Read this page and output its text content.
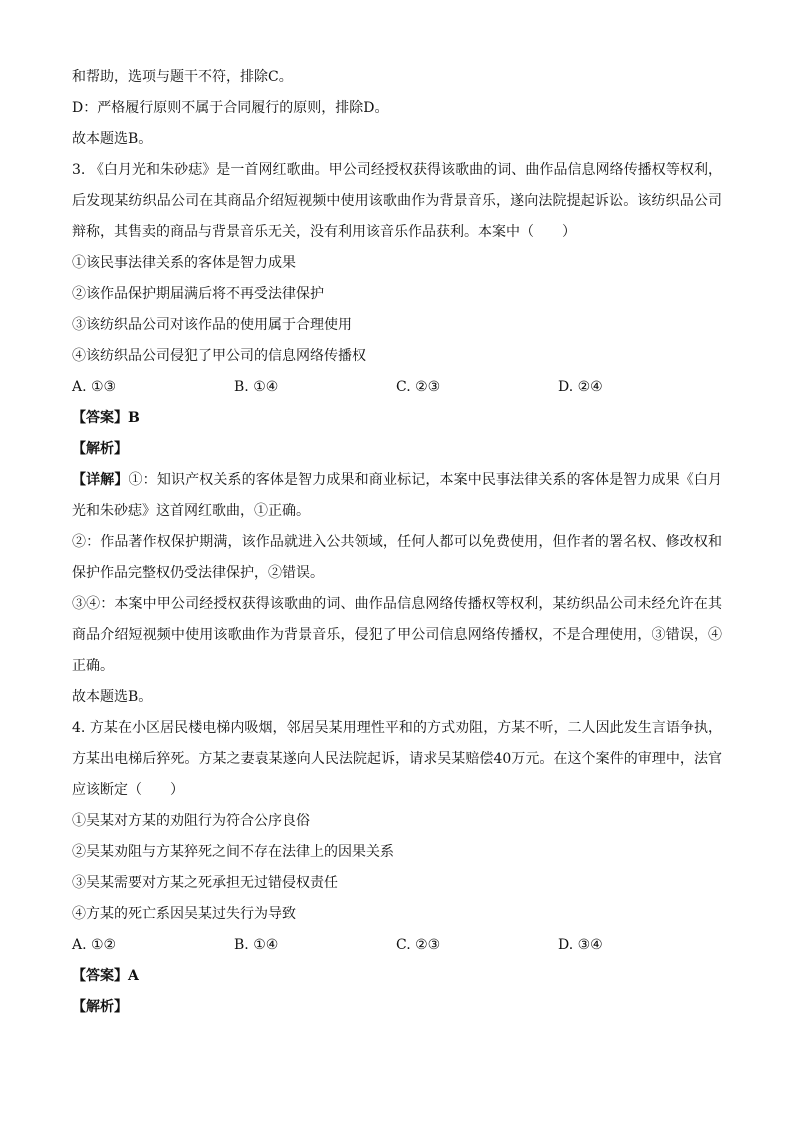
和帮助，选项与题干不符，排除C。
D：严格履行原则不属于合同履行的原则，排除D。
故本题选B。
3. 《白月光和朱砂痣》是一首网红歌曲。甲公司经授权获得该歌曲的词、曲作品信息网络传播权等权利，后发现某纺织品公司在其商品介绍短视频中使用该歌曲作为背景音乐，遂向法院提起诉讼。该纺织品公司辩称，其售卖的商品与背景音乐无关，没有利用该音乐作品获利。本案中（　　）
①该民事法律关系的客体是智力成果
②该作品保护期届满后将不再受法律保护
③该纺织品公司对该作品的使用属于合理使用
④该纺织品公司侵犯了甲公司的信息网络传播权
A. ①③	B. ①④	C. ②③	D. ②④
【答案】B
【解析】
【详解】①：知识产权关系的客体是智力成果和商业标记，本案中民事法律关系的客体是智力成果《白月光和朱砂痣》这首网红歌曲，①正确。
②：作品著作权保护期满，该作品就进入公共领域，任何人都可以免费使用，但作者的署名权、修改权和保护作品完整权仍受法律保护，②错误。
③④：本案中甲公司经授权获得该歌曲的词、曲作品信息网络传播权等权利，某纺织品公司未经允许在其商品介绍短视频中使用该歌曲作为背景音乐，侵犯了甲公司信息网络传播权，不是合理使用，③错误，④正确。
故本题选B。
4. 方某在小区居民楼电梯内吸烟，邻居吴某用理性平和的方式劝阻，方某不听，二人因此发生言语争执，方某出电梯后猝死。方某之妻袁某遂向人民法院起诉，请求吴某赔偿40万元。在这个案件的审理中，法官应该断定（　　）
①吴某对方某的劝阻行为符合公序良俗
②吴某劝阻与方某猝死之间不存在法律上的因果关系
③吴某需要对方某之死承担无过错侵权责任
④方某的死亡系因吴某过失行为导致
A. ①②	B. ①④	C. ②③	D. ③④
【答案】A
【解析】
